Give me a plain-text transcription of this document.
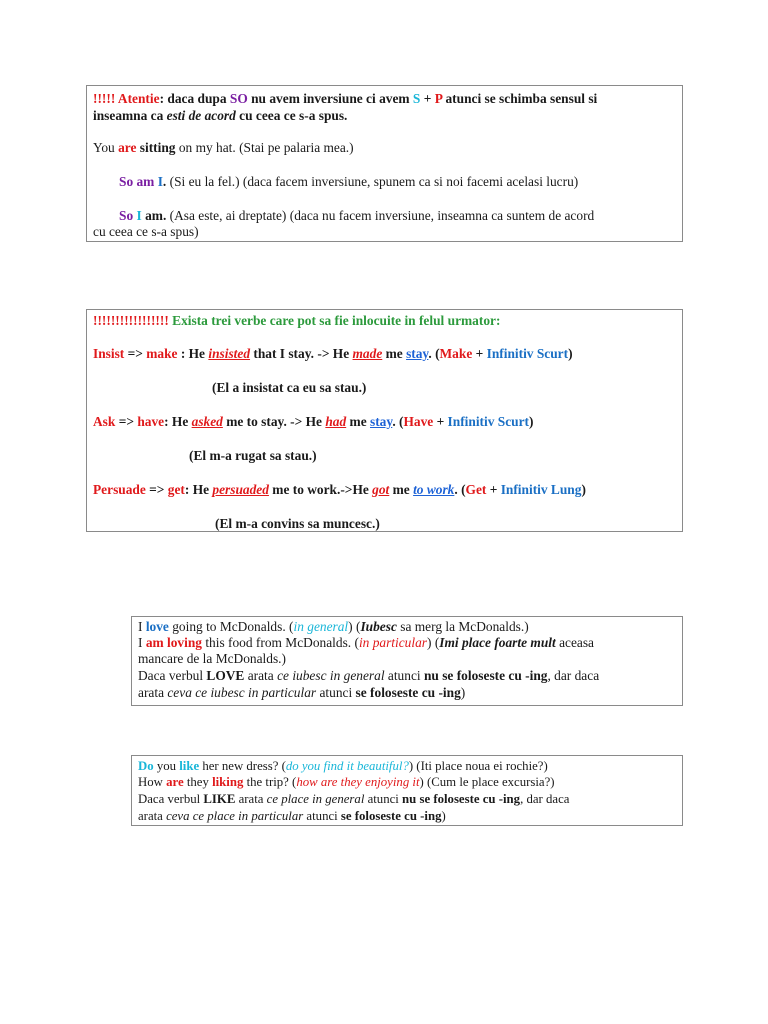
!!!!! Atentie: daca dupa SO nu avem inversiune ci avem S + P atunci se schimba sensul si
inseamna ca esti de acord cu ceea ce s-a spus.
You are sitting on my hat. (Stai pe palaria mea.)
So am I. (Si eu la fel.) (daca facem inversiune, spunem ca si noi facemi acelasi lucru)
So I am. (Asa este, ai dreptate) (daca nu facem inversiune, inseamna ca suntem de acord
cu ceea ce s-a spus)
!!!!!!!!!!!!!!!!! Exista trei verbe care pot sa fie inlocuite in felul urmator:
Insist => make : He insisted that I stay. -> He made me stay. (Make + Infinitiv Scurt)
(El a insistat ca eu sa stau.)
Ask => have: He asked me to stay. -> He had me stay. (Have + Infinitiv Scurt)
(El m-a rugat sa stau.)
Persuade => get: He persuaded me to work.->He got me to work. (Get + Infinitiv Lung)
(El m-a convins sa muncesc.)
I love going to McDonalds. (in general) (Iubesc sa merg la McDonalds.)
I am loving this food from McDonalds. (in particular) (Imi place foarte mult aceasa
mancare de la McDonalds.)
Daca verbul LOVE arata ce iubesc in general atunci nu se foloseste cu -ing, dar daca
arata ceva ce iubesc in particular atunci se foloseste cu -ing)
Do you like her new dress? (do you find it beautiful?) (Iti place noua ei rochie?)
How are they liking the trip? (how are they enjoying it) (Cum le place excursia?)
Daca verbul LIKE arata ce place in general atunci nu se foloseste cu -ing, dar daca
arata ceva ce place in particular atunci se foloseste cu -ing)
